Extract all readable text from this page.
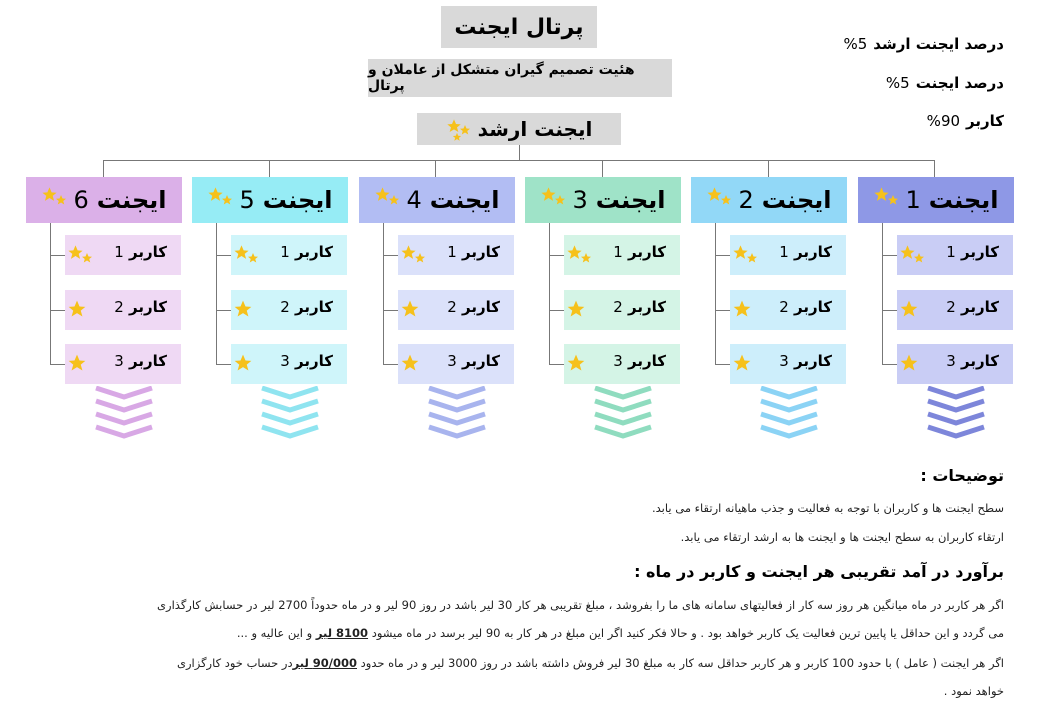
پرتال ایجنت
هئیت تصمیم گیران متشکل از عاملان و پرتال
ایجنت ارشد
درصد ایجنت ارشد5%
درصد ایجنت5%
کاربر90%
ایجنت
1
کاربر 1
کاربر 2
کاربر 3
ایجنت
2
کاربر 1
کاربر 2
کاربر 3
ایجنت
3
کاربر 1
کاربر 2
کاربر 3
ایجنت
4
کاربر 1
کاربر 2
کاربر 3
ایجنت
5
کاربر 1
کاربر 2
کاربر 3
ایجنت
6
کاربر 1
کاربر 2
کاربر 3
توضیحات :
سطح ایجنت ها و کاربران با توجه به فعالیت و جذب ماهیانه ارتقاء می یابد.
ارتقاء کاربران به سطح ایجنت ها و ایجنت ها به ارشد ارتقاء می یابد.
برآورد در آمد تقریبی هر ایجنت و کاربر در ماه :
اگر هر کاربر در ماه میانگین هر روز سه کار از فعالیتهای سامانه های ما را بفروشد ، مبلغ تقریبی هر کار 30 لیر باشد در روز 90 لیر و در ماه حدوداً 2700 لیر در حسابش کارگذاری
می گردد و این حداقل یا پایین ترین فعالیت یک کاربر خواهد بود . و حالا فکر کنید اگر این مبلغ در هر کار به 90 لیر برسد در ماه میشود 8100 لیر و این عالیه و ...
اگر هر ایجنت ( عامل ) با حدود 100 کاربر و هر کاربر حداقل سه کار به مبلغ 30 لیر فروش داشته باشد در روز 3000 لیر و در ماه حدود 90/000 لیردر حساب خود کارگزاری
خواهد نمود .
